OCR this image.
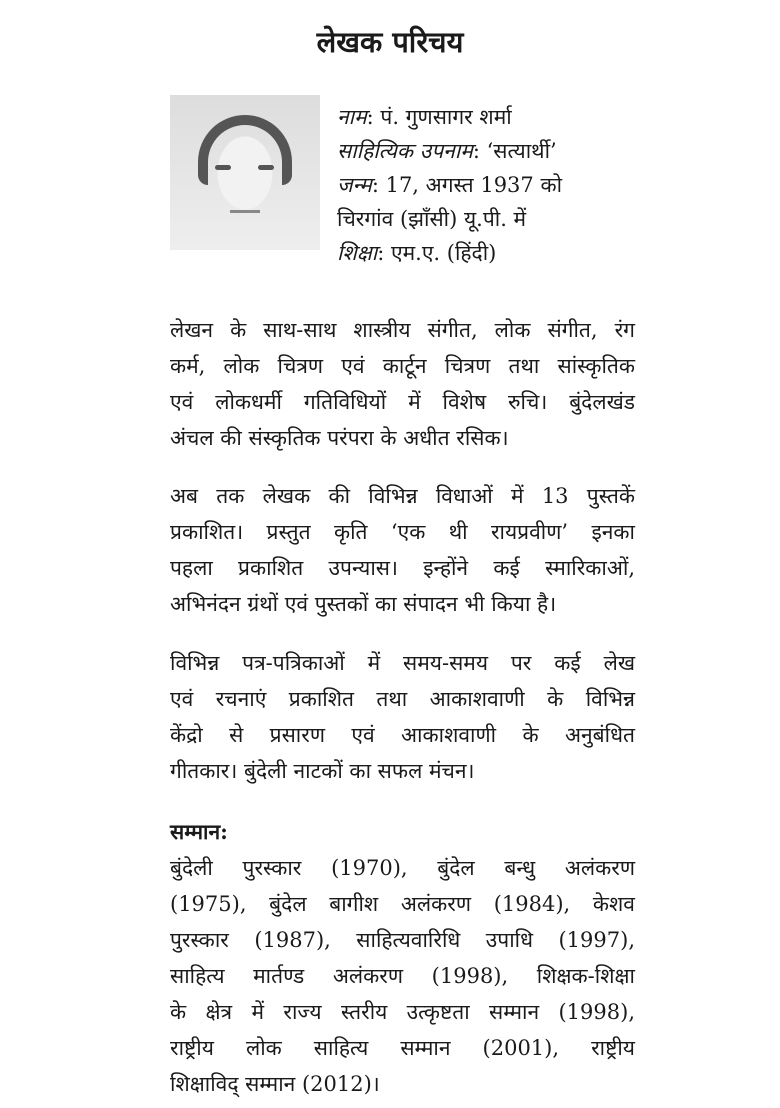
लेखक परिचय
नाम: पं. गुणसागर शर्मा
साहित्यिक उपनाम: ‘सत्यार्थी’
जन्म: 17, अगस्त 1937 को
चिरगांव (झाँसी) यू.पी. में
शिक्षा: एम.ए. (हिंदी)
लेखन के साथ-साथ शास्त्रीय संगीत, लोक संगीत, रंग
कर्म, लोक चित्रण एवं कार्टून चित्रण तथा सांस्कृतिक
एवं लोकधर्मी गतिविधियों में विशेष रुचि। बुंदेलखंड
अंचल की संस्कृतिक परंपरा के अधीत रसिक।
अब तक लेखक की विभिन्न विधाओं में 13 पुस्तकें
प्रकाशित। प्रस्तुत कृति ‘एक थी रायप्रवीण’ इनका
पहला प्रकाशित उपन्यास। इन्होंने कई स्मारिकाओं,
अभिनंदन ग्रंथों एवं पुस्तकों का संपादन भी किया है।
विभिन्न पत्र-पत्रिकाओं में समय-समय पर कई लेख
एवं रचनाएं प्रकाशित तथा आकाशवाणी के विभिन्न
केंद्रो से प्रसारण एवं आकाशवाणी के अनुबंधित
गीतकार। बुंदेली नाटकों का सफल मंचन।
सम्मान:
बुंदेली पुरस्कार (1970), बुंदेल बन्धु अलंकरण
(1975), बुंदेल बागीश अलंकरण (1984), केशव
पुरस्कार (1987), साहित्यवारिधि उपाधि (1997),
साहित्य मार्तण्ड अलंकरण (1998), शिक्षक-शिक्षा
के क्षेत्र में राज्य स्तरीय उत्कृष्टता सम्मान (1998),
राष्ट्रीय लोक साहित्य सम्मान (2001), राष्ट्रीय
शिक्षाविद् सम्मान (2012)।
